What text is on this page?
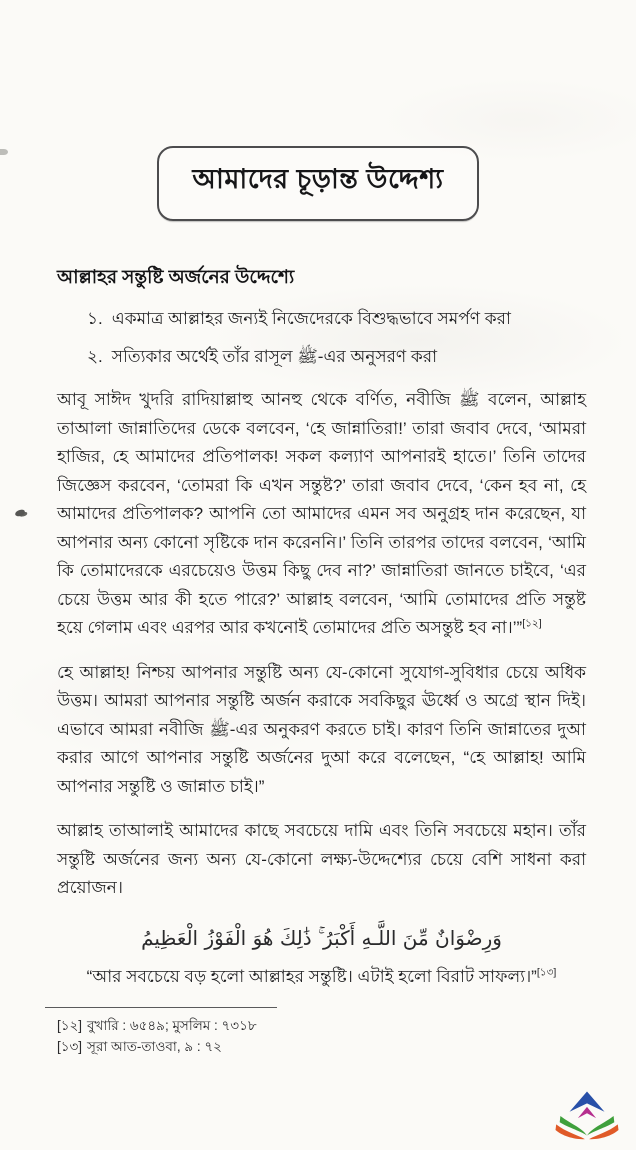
আমাদের চূড়ান্ত উদ্দেশ্য
আল্লাহর সন্তুষ্টি অর্জনের উদ্দেশ্যে
১. একমাত্র আল্লাহর জন্যই নিজেদেরকে বিশুদ্ধভাবে সমর্পণ করা
২. সত্যিকার অর্থেই তাঁর রাসূল ﷺ-এর অনুসরণ করা

আবূ সাঈদ খুদরি রাদিয়াল্লাহু আনহু থেকে বর্ণিত, নবীজি ﷺ বলেন, আল্লাহ তাআলা জান্নাতিদের ডেকে বলবেন, ‘হে জান্নাতিরা!’ তারা জবাব দেবে, ‘আমরা হাজির, হে আমাদের প্রতিপালক! সকল কল্যাণ আপনারই হাতে।’ তিনি তাদের জিজ্ঞেস করবেন, ‘তোমরা কি এখন সন্তুষ্ট?’ তারা জবাব দেবে, ‘কেন হব না, হে আমাদের প্রতিপালক? আপনি তো আমাদের এমন সব অনুগ্রহ দান করেছেন, যা আপনার অন্য কোনো সৃষ্টিকে দান করেননি।’ তিনি তারপর তাদের বলবেন, ‘আমি কি তোমাদেরকে এরচেয়েও উত্তম কিছু দেব না?’ জান্নাতিরা জানতে চাইবে, ‘এর চেয়ে উত্তম আর কী হতে পারে?’ আল্লাহ বলবেন, ‘আমি তোমাদের প্রতি সন্তুষ্ট হয়ে গেলাম এবং এরপর আর কখনোই তোমাদের প্রতি অসন্তুষ্ট হব না।’”[১২]

হে আল্লাহ! নিশ্চয় আপনার সন্তুষ্টি অন্য যে-কোনো সুযোগ-সুবিধার চেয়ে অধিক উত্তম। আমরা আপনার সন্তুষ্টি অর্জন করাকে সবকিছুর ঊর্ধ্বে ও অগ্রে স্থান দিই। এভাবে আমরা নবীজি ﷺ-এর অনুকরণ করতে চাই। কারণ তিনি জান্নাতের দুআ করার আগে আপনার সন্তুষ্টি অর্জনের দুআ করে বলেছেন, “হে আল্লাহ! আমি আপনার সন্তুষ্টি ও জান্নাত চাই।”

আল্লাহ তাআলাই আমাদের কাছে সবচেয়ে দামি এবং তিনি সবচেয়ে মহান। তাঁর সন্তুষ্টি অর্জনের জন্য অন্য যে-কোনো লক্ষ্য-উদ্দেশ্যের চেয়ে বেশি সাধনা করা প্রয়োজন।

وَرِضْوَانٌ مِّنَ اللَّـهِ أَكْبَرُ ۚ ذَٰلِكَ هُوَ الْفَوْزُ الْعَظِيمُ
“আর সবচেয়ে বড় হলো আল্লাহর সন্তুষ্টি। এটাই হলো বিরাট সাফল্য।”[১৩]
[১২] বুখারি : ৬৫৪৯; মুসলিম : ৭৩১৮
[১৩] সূরা আত-তাওবা, ৯ : ৭২
